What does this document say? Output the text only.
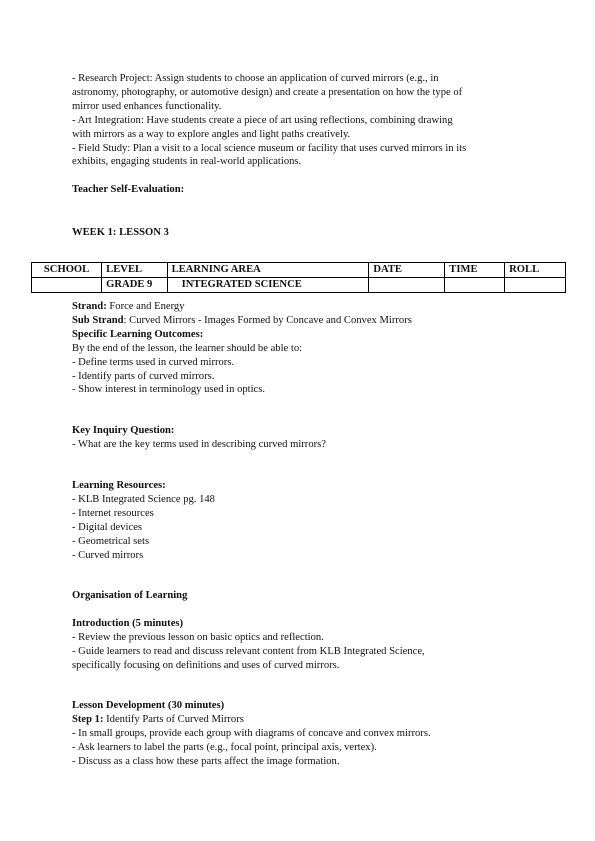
- Research Project: Assign students to choose an application of curved mirrors (e.g., in
astronomy, photography, or automotive design) and create a presentation on how the type of
mirror used enhances functionality.
- Art Integration: Have students create a piece of art using reflections, combining drawing
with mirrors as a way to explore angles and light paths creatively.
- Field Study: Plan a visit to a local science museum or facility that uses curved mirrors in its
exhibits, engaging students in real-world applications.
Teacher Self-Evaluation:
WEEK 1: LESSON 3
SCHOOL	LEVEL	LEARNING AREA	DATE	TIME	ROLL
	GRADE 9	INTEGRATED SCIENCE			
Strand: Force and Energy
Sub Strand: Curved Mirrors - Images Formed by Concave and Convex Mirrors
Specific Learning Outcomes:
By the end of the lesson, the learner should be able to:
- Define terms used in curved mirrors.
- Identify parts of curved mirrors.
- Show interest in terminology used in optics.
Key Inquiry Question:
- What are the key terms used in describing curved mirrors?
Learning Resources:
- KLB Integrated Science pg. 148
- Internet resources
- Digital devices
- Geometrical sets
- Curved mirrors
Organisation of Learning
Introduction (5 minutes)
- Review the previous lesson on basic optics and reflection.
- Guide learners to read and discuss relevant content from KLB Integrated Science,
specifically focusing on definitions and uses of curved mirrors.
Lesson Development (30 minutes)
Step 1: Identify Parts of Curved Mirrors
- In small groups, provide each group with diagrams of concave and convex mirrors.
- Ask learners to label the parts (e.g., focal point, principal axis, vertex).
- Discuss as a class how these parts affect the image formation.
